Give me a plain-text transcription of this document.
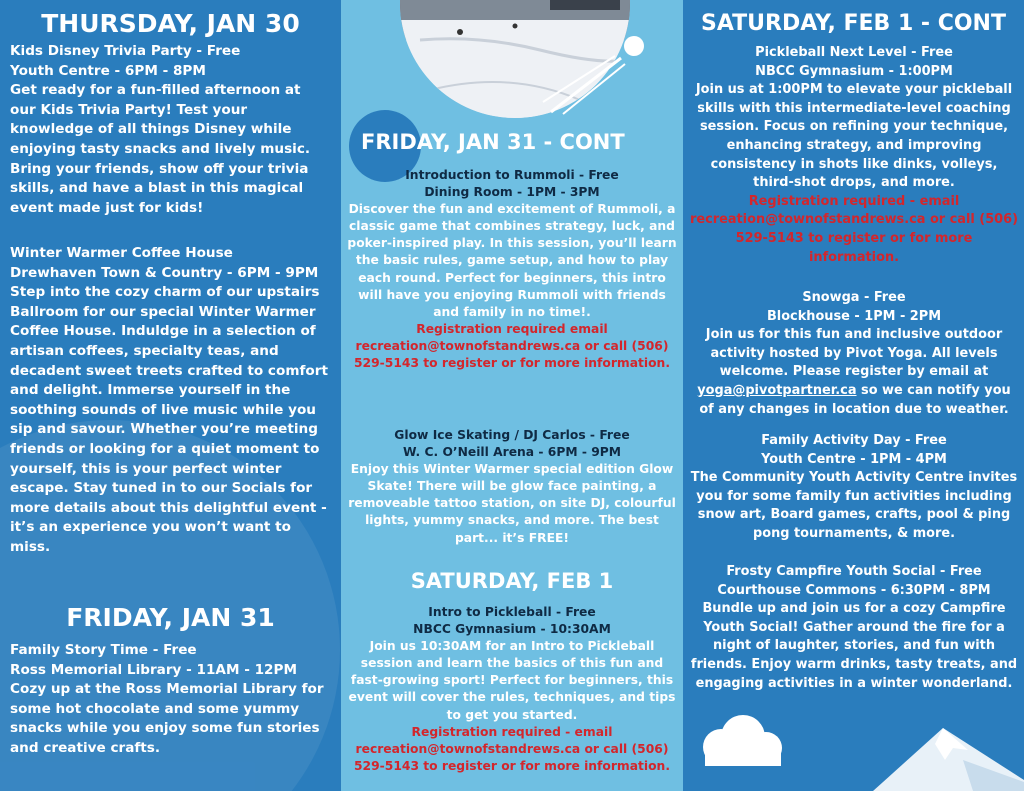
THURSDAY, JAN 30
Kids Disney Trivia Party - Free
Youth Centre - 6PM - 8PM
Get ready for a fun-filled afternoon at our Kids Trivia Party! Test your knowledge of all things Disney while enjoying tasty snacks and lively music. Bring your friends, show off your trivia skills, and have a blast in this magical event made just for kids!
Winter Warmer Coffee House
Drewhaven Town & Country - 6PM - 9PM
Step into the cozy charm of our upstairs Ballroom for our special Winter Warmer Coffee House. Induldge in a selection of artisan coffees, specialty teas, and decadent sweet treets crafted to comfort and delight. Immerse yourself in the soothing sounds of live music while you sip and savour. Whether you’re meeting friends or looking for a quiet moment to yourself, this is your perfect winter escape. Stay tuned in to our Socials for more details about this delightful event - it’s an experience you won’t want to miss.
FRIDAY, JAN 31
Family Story Time - Free
Ross Memorial Library - 11AM - 12PM
Cozy up at the Ross Memorial Library for some hot chocolate and some yummy snacks while you enjoy some fun stories and creative crafts.
FRIDAY, JAN 31 - CONT
Introduction to Rummoli - Free
Dining Room - 1PM - 3PM
Discover the fun and excitement of Rummoli, a classic game that combines strategy, luck, and poker-inspired play. In this session, you’ll learn the basic rules, game setup, and how to play each round. Perfect for beginners, this intro will have you enjoying Rummoli with friends and family in no time!.
Registration required email recreation@townofstandrews.ca or call (506) 529-5143 to register or for more information.
Glow Ice Skating / DJ Carlos - Free
W. C. O’Neill Arena - 6PM - 9PM
Enjoy this Winter Warmer special edition Glow Skate! There will be glow face painting, a removeable tattoo station, on site DJ, colourful lights, yummy snacks, and more. The best part... it’s FREE!
SATURDAY, FEB 1
Intro to Pickleball - Free
NBCC Gymnasium - 10:30AM
Join us 10:30AM for an Intro to Pickleball session and learn the basics of this fun and fast-growing sport! Perfect for beginners, this event will cover the rules, techniques, and tips to get you started.
Registration required - email recreation@townofstandrews.ca or call (506) 529-5143 to register or for more information.
SATURDAY, FEB 1 - CONT
Pickleball Next Level - Free
NBCC Gymnasium - 1:00PM
Join us at 1:00PM to elevate your pickleball skills with this intermediate-level coaching session. Focus on refining your technique, enhancing strategy, and improving consistency in shots like dinks, volleys, third-shot drops, and more.
Registration required - email recreation@townofstandrews.ca or call (506) 529-5143 to register or for more information.
Snowga - Free
Blockhouse - 1PM - 2PM
Join us for this fun and inclusive outdoor activity hosted by Pivot Yoga. All levels welcome. Please register by email at yoga@pivotpartner.ca so we can notify you of any changes in location due to weather.
Family Activity Day - Free
Youth Centre - 1PM - 4PM
The Community Youth Activity Centre invites you for some family fun activities including snow art, Board games, crafts, pool & ping pong tournaments, & more.
Frosty Campfire Youth Social - Free
Courthouse Commons - 6:30PM - 8PM
Bundle up and join us for a cozy Campfire Youth Social! Gather around the fire for a night of laughter, stories, and fun with friends. Enjoy warm drinks, tasty treats, and engaging activities in a winter wonderland.
